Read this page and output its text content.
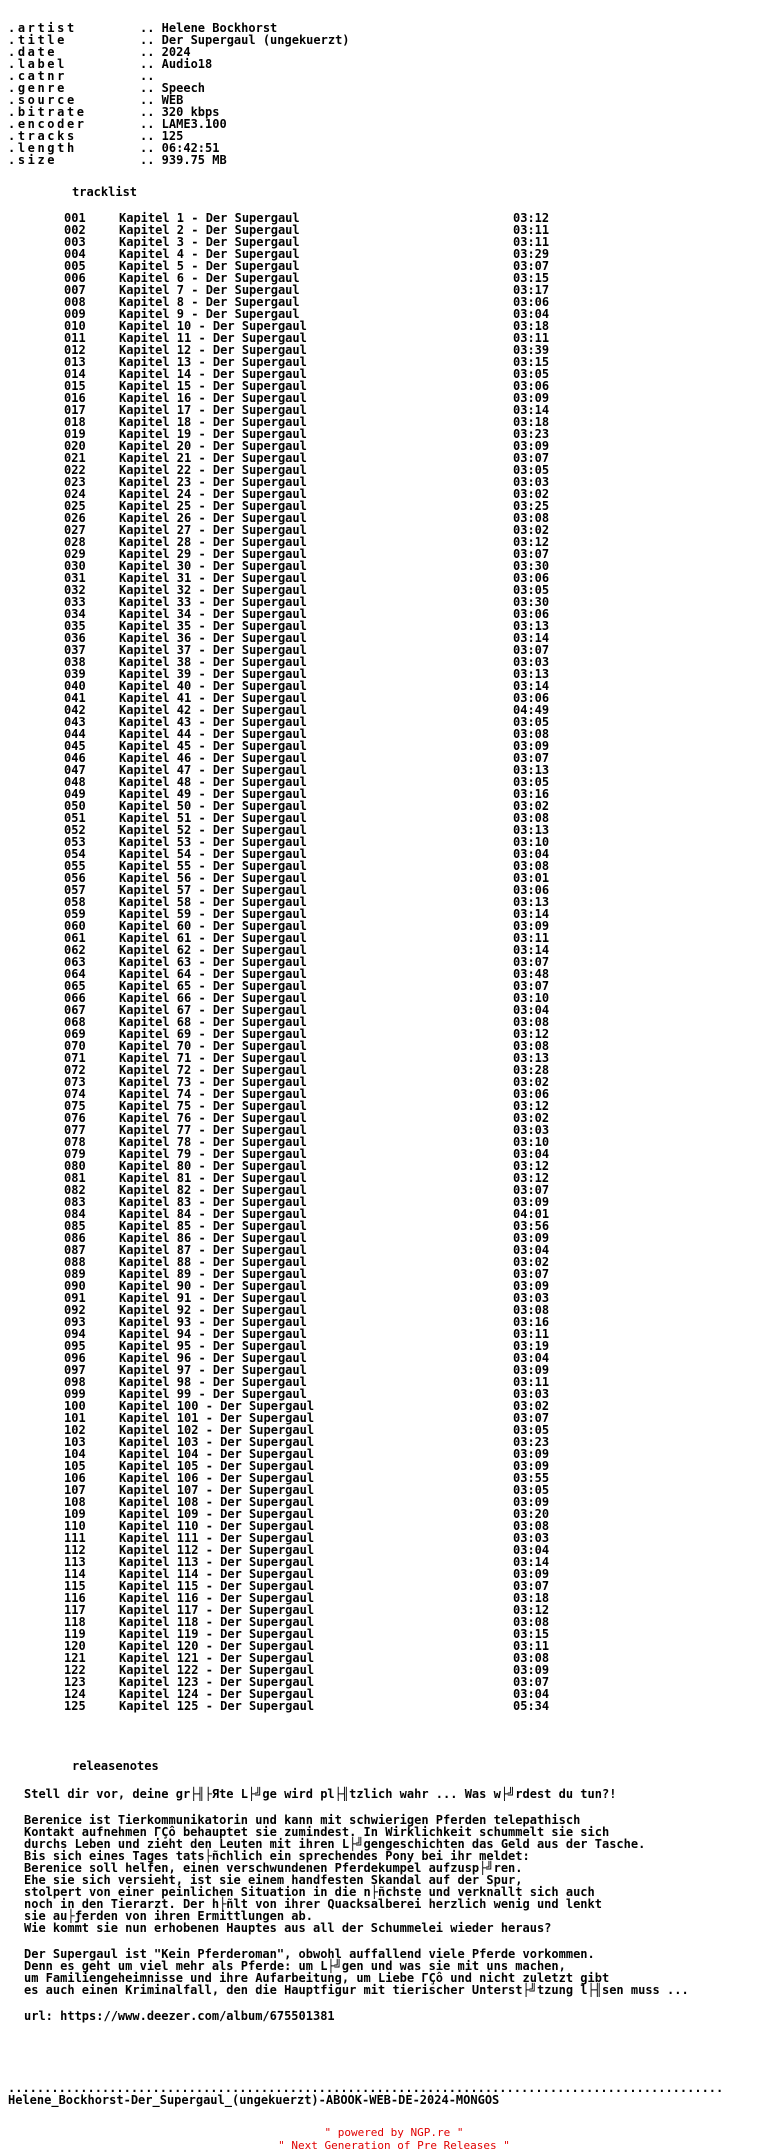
.artist	.. Helene Bockhorst
.title	.. Der Supergaul (ungekuerzt)
.date	.. 2024
.label	.. Audio18
.catnr	..
.genre	.. Speech
.source	.. WEB
.bitrate	.. 320 kbps
.encoder	.. LAME3.100
.tracks	.. 125
.length	.. 06:42:51
.size	.. 939.75 MB
tracklist
001	Kapitel 1 - Der Supergaul	03:12
002	Kapitel 2 - Der Supergaul	03:11
003	Kapitel 3 - Der Supergaul	03:11
004	Kapitel 4 - Der Supergaul	03:29
005	Kapitel 5 - Der Supergaul	03:07
006	Kapitel 6 - Der Supergaul	03:15
007	Kapitel 7 - Der Supergaul	03:17
008	Kapitel 8 - Der Supergaul	03:06
009	Kapitel 9 - Der Supergaul	03:04
010	Kapitel 10 - Der Supergaul	03:18
011	Kapitel 11 - Der Supergaul	03:11
012	Kapitel 12 - Der Supergaul	03:39
013	Kapitel 13 - Der Supergaul	03:15
014	Kapitel 14 - Der Supergaul	03:05
015	Kapitel 15 - Der Supergaul	03:06
016	Kapitel 16 - Der Supergaul	03:09
017	Kapitel 17 - Der Supergaul	03:14
018	Kapitel 18 - Der Supergaul	03:18
019	Kapitel 19 - Der Supergaul	03:23
020	Kapitel 20 - Der Supergaul	03:09
021	Kapitel 21 - Der Supergaul	03:07
022	Kapitel 22 - Der Supergaul	03:05
023	Kapitel 23 - Der Supergaul	03:03
024	Kapitel 24 - Der Supergaul	03:02
025	Kapitel 25 - Der Supergaul	03:25
026	Kapitel 26 - Der Supergaul	03:08
027	Kapitel 27 - Der Supergaul	03:02
028	Kapitel 28 - Der Supergaul	03:12
029	Kapitel 29 - Der Supergaul	03:07
030	Kapitel 30 - Der Supergaul	03:30
031	Kapitel 31 - Der Supergaul	03:06
032	Kapitel 32 - Der Supergaul	03:05
033	Kapitel 33 - Der Supergaul	03:30
034	Kapitel 34 - Der Supergaul	03:06
035	Kapitel 35 - Der Supergaul	03:13
036	Kapitel 36 - Der Supergaul	03:14
037	Kapitel 37 - Der Supergaul	03:07
038	Kapitel 38 - Der Supergaul	03:03
039	Kapitel 39 - Der Supergaul	03:13
040	Kapitel 40 - Der Supergaul	03:14
041	Kapitel 41 - Der Supergaul	03:06
042	Kapitel 42 - Der Supergaul	04:49
043	Kapitel 43 - Der Supergaul	03:05
044	Kapitel 44 - Der Supergaul	03:08
045	Kapitel 45 - Der Supergaul	03:09
046	Kapitel 46 - Der Supergaul	03:07
047	Kapitel 47 - Der Supergaul	03:13
048	Kapitel 48 - Der Supergaul	03:05
049	Kapitel 49 - Der Supergaul	03:16
050	Kapitel 50 - Der Supergaul	03:02
051	Kapitel 51 - Der Supergaul	03:08
052	Kapitel 52 - Der Supergaul	03:13
053	Kapitel 53 - Der Supergaul	03:10
054	Kapitel 54 - Der Supergaul	03:04
055	Kapitel 55 - Der Supergaul	03:08
056	Kapitel 56 - Der Supergaul	03:01
057	Kapitel 57 - Der Supergaul	03:06
058	Kapitel 58 - Der Supergaul	03:13
059	Kapitel 59 - Der Supergaul	03:14
060	Kapitel 60 - Der Supergaul	03:09
061	Kapitel 61 - Der Supergaul	03:11
062	Kapitel 62 - Der Supergaul	03:14
063	Kapitel 63 - Der Supergaul	03:07
064	Kapitel 64 - Der Supergaul	03:48
065	Kapitel 65 - Der Supergaul	03:07
066	Kapitel 66 - Der Supergaul	03:10
067	Kapitel 67 - Der Supergaul	03:04
068	Kapitel 68 - Der Supergaul	03:08
069	Kapitel 69 - Der Supergaul	03:12
070	Kapitel 70 - Der Supergaul	03:08
071	Kapitel 71 - Der Supergaul	03:13
072	Kapitel 72 - Der Supergaul	03:28
073	Kapitel 73 - Der Supergaul	03:02
074	Kapitel 74 - Der Supergaul	03:06
075	Kapitel 75 - Der Supergaul	03:12
076	Kapitel 76 - Der Supergaul	03:02
077	Kapitel 77 - Der Supergaul	03:03
078	Kapitel 78 - Der Supergaul	03:10
079	Kapitel 79 - Der Supergaul	03:04
080	Kapitel 80 - Der Supergaul	03:12
081	Kapitel 81 - Der Supergaul	03:12
082	Kapitel 82 - Der Supergaul	03:07
083	Kapitel 83 - Der Supergaul	03:09
084	Kapitel 84 - Der Supergaul	04:01
085	Kapitel 85 - Der Supergaul	03:56
086	Kapitel 86 - Der Supergaul	03:09
087	Kapitel 87 - Der Supergaul	03:04
088	Kapitel 88 - Der Supergaul	03:02
089	Kapitel 89 - Der Supergaul	03:07
090	Kapitel 90 - Der Supergaul	03:09
091	Kapitel 91 - Der Supergaul	03:03
092	Kapitel 92 - Der Supergaul	03:08
093	Kapitel 93 - Der Supergaul	03:16
094	Kapitel 94 - Der Supergaul	03:11
095	Kapitel 95 - Der Supergaul	03:19
096	Kapitel 96 - Der Supergaul	03:04
097	Kapitel 97 - Der Supergaul	03:09
098	Kapitel 98 - Der Supergaul	03:11
099	Kapitel 99 - Der Supergaul	03:03
100	Kapitel 100 - Der Supergaul	03:02
101	Kapitel 101 - Der Supergaul	03:07
102	Kapitel 102 - Der Supergaul	03:05
103	Kapitel 103 - Der Supergaul	03:23
104	Kapitel 104 - Der Supergaul	03:09
105	Kapitel 105 - Der Supergaul	03:09
106	Kapitel 106 - Der Supergaul	03:55
107	Kapitel 107 - Der Supergaul	03:05
108	Kapitel 108 - Der Supergaul	03:09
109	Kapitel 109 - Der Supergaul	03:20
110	Kapitel 110 - Der Supergaul	03:08
111	Kapitel 111 - Der Supergaul	03:03
112	Kapitel 112 - Der Supergaul	03:04
113	Kapitel 113 - Der Supergaul	03:14
114	Kapitel 114 - Der Supergaul	03:09
115	Kapitel 115 - Der Supergaul	03:07
116	Kapitel 116 - Der Supergaul	03:18
117	Kapitel 117 - Der Supergaul	03:12
118	Kapitel 118 - Der Supergaul	03:08
119	Kapitel 119 - Der Supergaul	03:15
120	Kapitel 120 - Der Supergaul	03:11
121	Kapitel 121 - Der Supergaul	03:08
122	Kapitel 122 - Der Supergaul	03:09
123	Kapitel 123 - Der Supergaul	03:07
124	Kapitel 124 - Der Supergaul	03:04
125	Kapitel 125 - Der Supergaul	05:34
releasenotes
Stell dir vor, deine gr├╢├Яte L├╝ge wird pl├╢tzlich wahr ... Was w├╝rdest du tun?!
Berenice ist Tierkommunikatorin und kann mit schwierigen Pferden telepathisch
Kontakt aufnehmen ΓÇô behauptet sie zumindest. In Wirklichkeit schummelt sie sich
durchs Leben und zieht den Leuten mit ihren L├╝gengeschichten das Geld aus der Tasche.
Bis sich eines Tages tats├ñchlich ein sprechendes Pony bei ihr meldet:
Berenice soll helfen, einen verschwundenen Pferdekumpel aufzusp├╝ren.
Ehe sie sich versieht, ist sie einem handfesten Skandal auf der Spur,
stolpert von einer peinlichen Situation in die n├ñchste und verknallt sich auch
noch in den Tierarzt. Der h├ñlt von ihrer Quacksalberei herzlich wenig und lenkt
sie au├ƒerden von ihren Ermittlungen ab.
Wie kommt sie nun erhobenen Hauptes aus all der Schummelei wieder heraus?
Der Supergaul ist "Kein Pferderoman", obwohl auffallend viele Pferde vorkommen.
Denn es geht um viel mehr als Pferde: um L├╝gen und was sie mit uns machen,
um Familiengeheimnisse und ihre Aufarbeitung, um Liebe ΓÇô und nicht zuletzt gibt
es auch einen Kriminalfall, den die Hauptfigur mit tierischer Unterst├╝tzung l├╢sen muss ...
url: https://www.deezer.com/album/675501381
...................................................................................................
Helene_Bockhorst-Der_Supergaul_(ungekuerzt)-ABOOK-WEB-DE-2024-MONGOS
" powered by NGP.re "
" Next Generation of Pre Releases "
